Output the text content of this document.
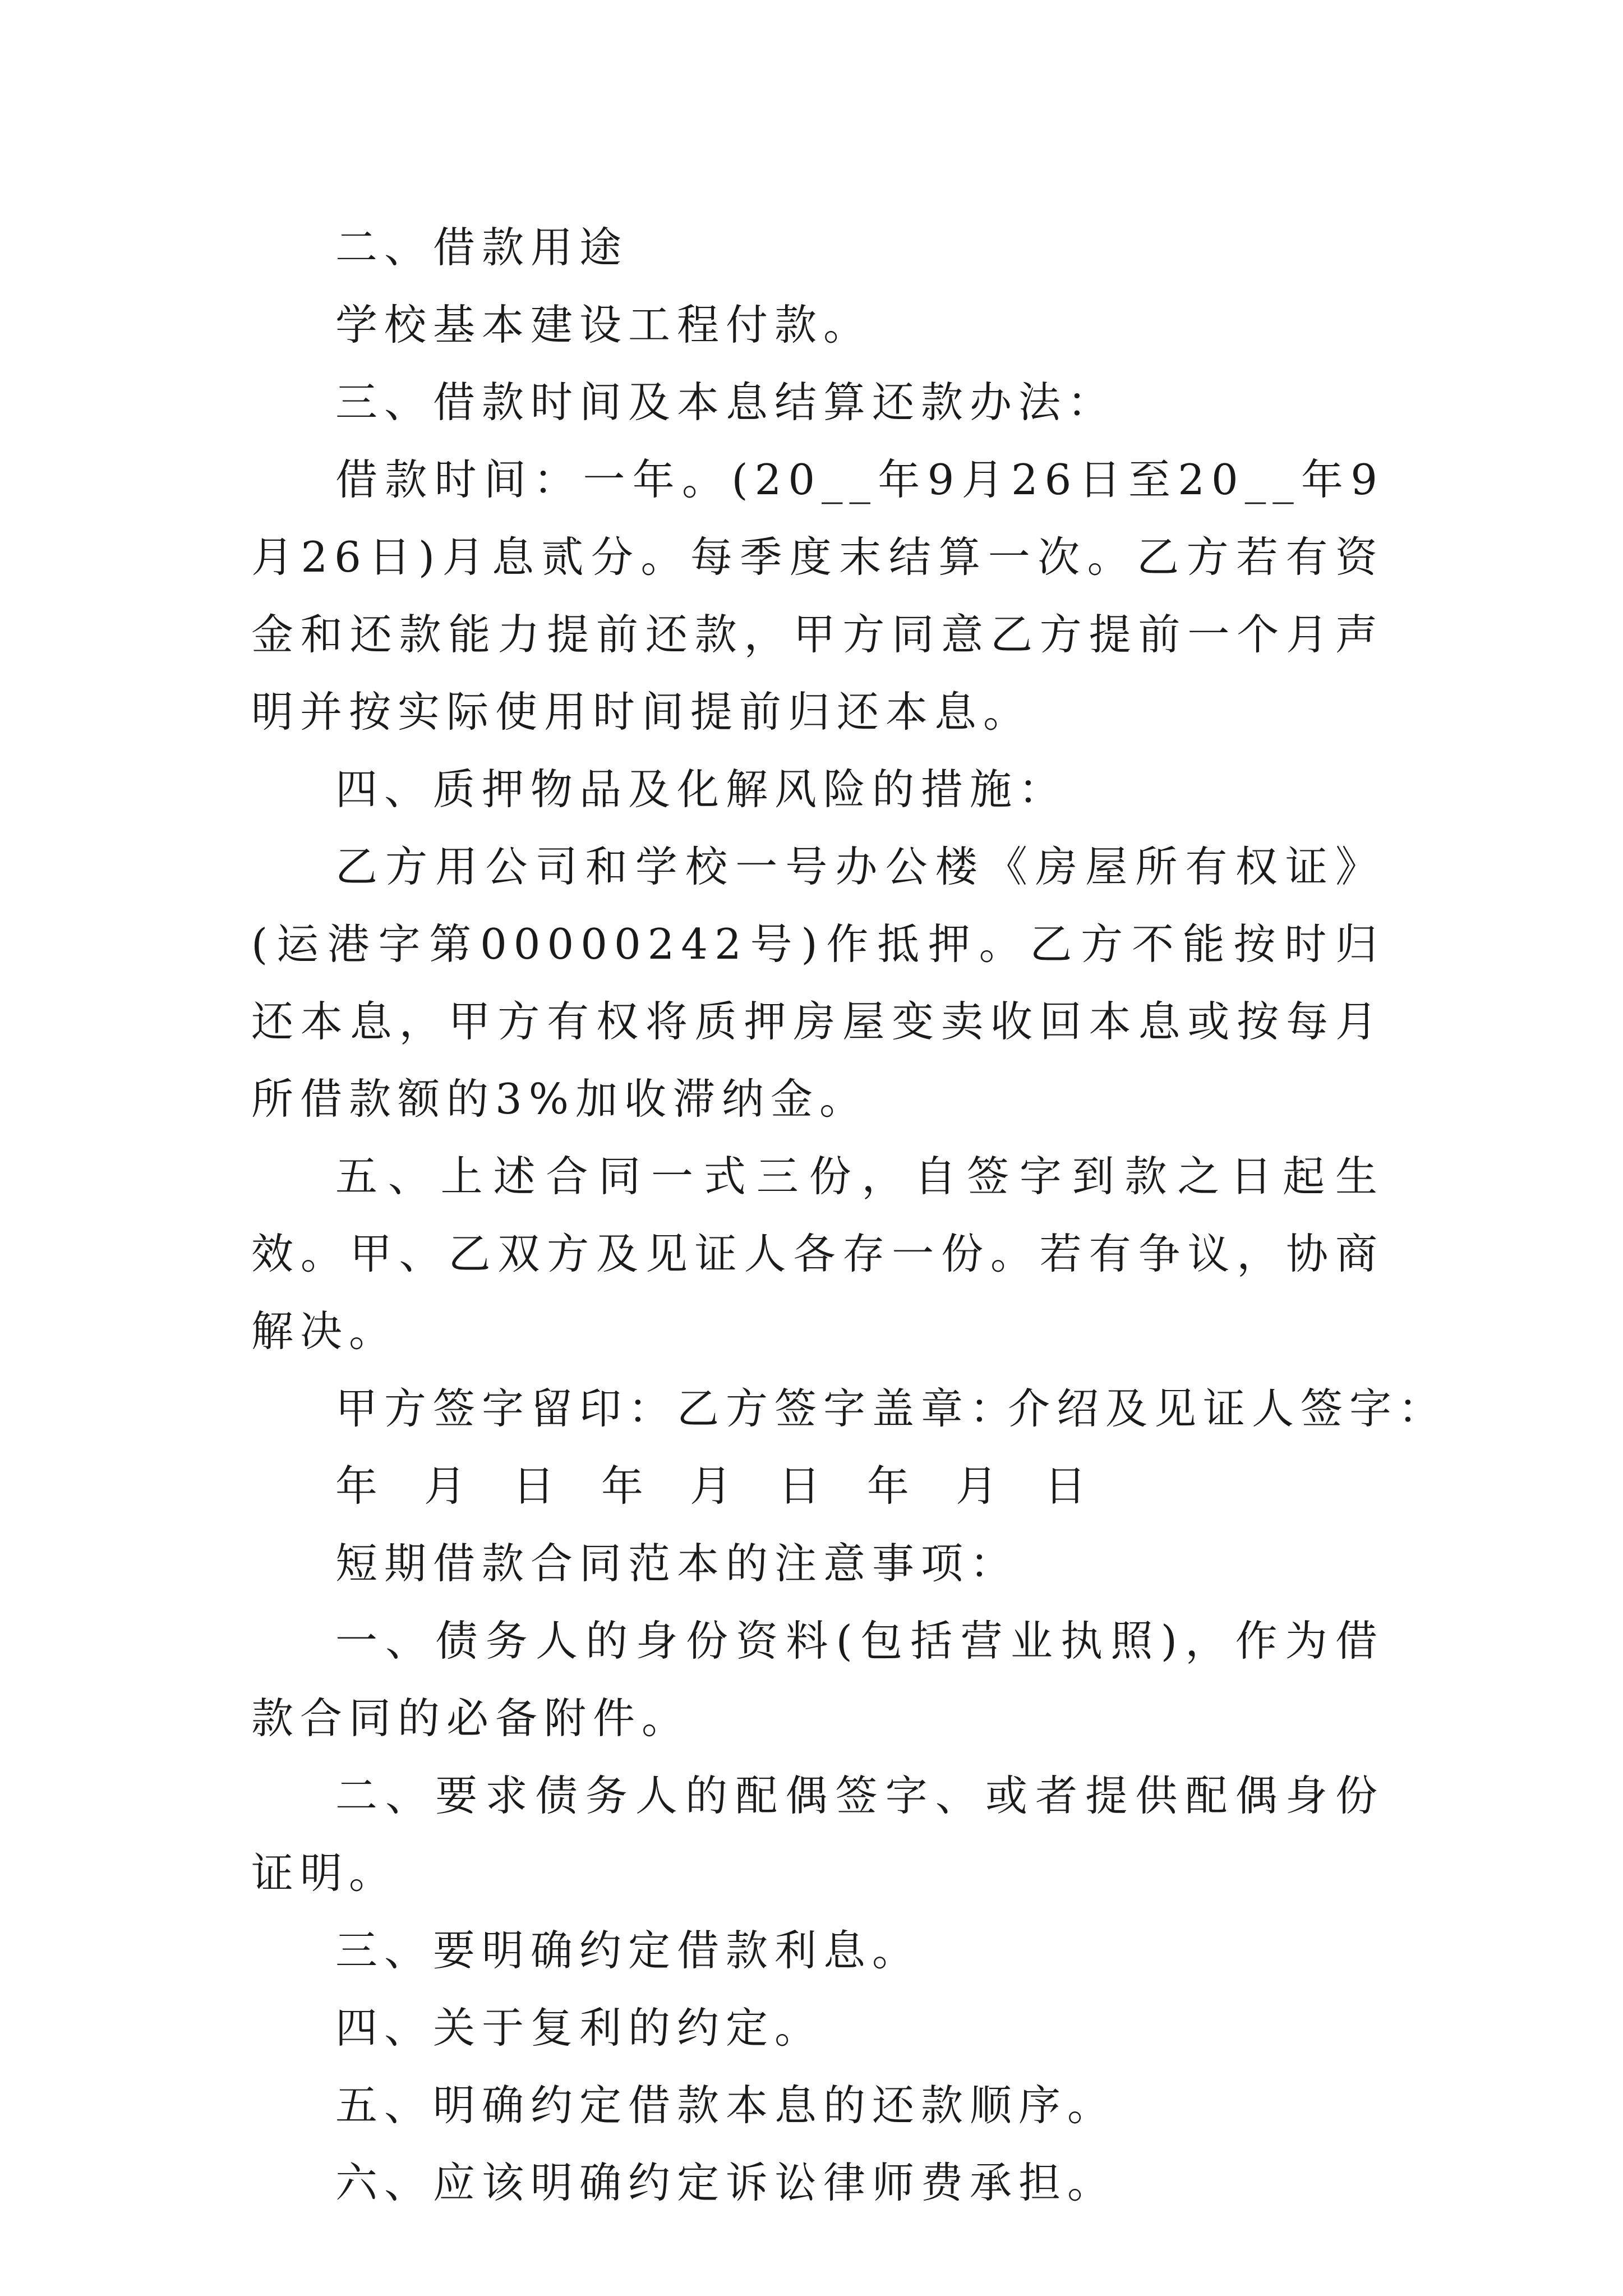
二、借款用途

学校基本建设工程付款。

三、借款时间及本息结算还款办法：

借款时间：一年。(20__年9月26日至20__年9月26日)月息贰分。每季度末结算一次。乙方若有资金和还款能力提前还款，甲方同意乙方提前一个月声明并按实际使用时间提前归还本息。

四、质押物品及化解风险的措施：

乙方用公司和学校一号办公楼《房屋所有权证》(运港字第00000242号)作抵押。乙方不能按时归还本息，甲方有权将质押房屋变卖收回本息或按每月所借款额的3%加收滞纳金。

五、上述合同一式三份，自签字到款之日起生效。甲、乙双方及见证人各存一份。若有争议，协商解决。

甲方签字留印： 乙方签字盖章：
介绍及见证人签字：
年 月 日 年 月 日 年 月 日

短期借款合同范本的注意事项：

一、债务人的身份资料(包括营业执照)，作为借款合同的必备附件。

二、要求债务人的配偶签字、或者提供配偶身份证明。

三、要明确约定借款利息。

四、关于复利的约定。

五、明确约定借款本息的还款顺序。

六、应该明确约定诉讼律师费承担。
